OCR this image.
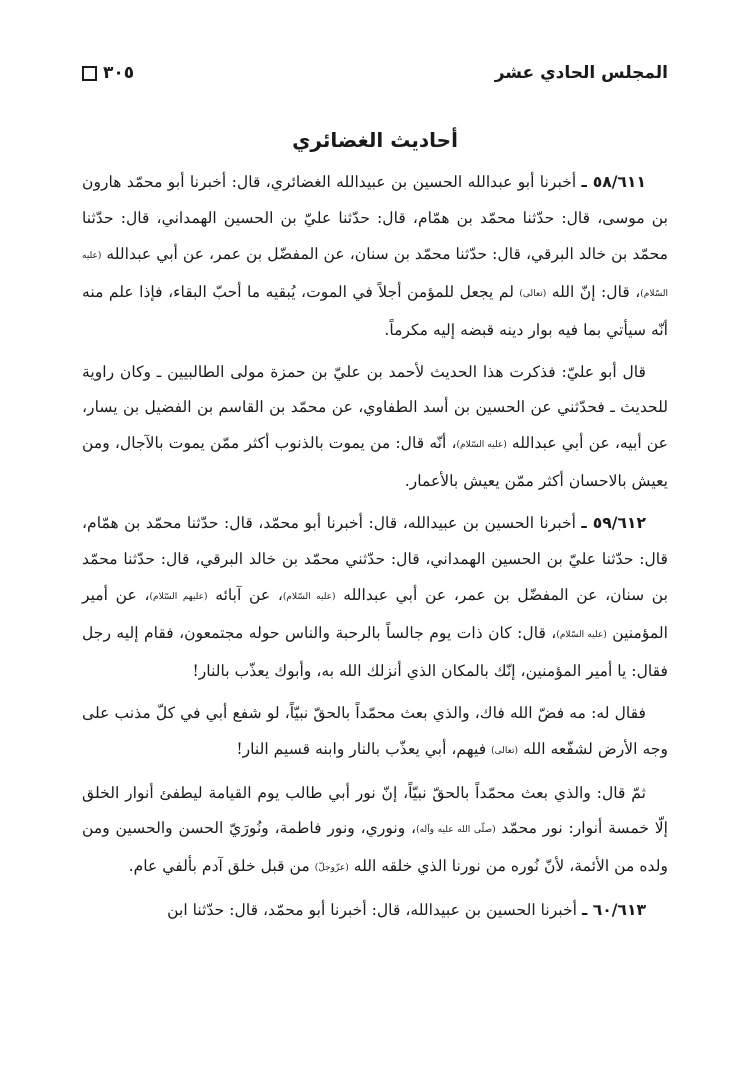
المجلس الحادي عشر
٣٠٥
أحاديث الغضائري

٥٨/٦١١ ـ أخبرنا أبو عبدالله الحسين بن عبيدالله الغضائري، قال: أخبرنا أبو محمّد هارون بن موسى، قال: حدّثنا محمّد بن همّام، قال: حدّثنا عليّ بن الحسين الهمداني، قال: حدّثنا محمّد بن خالد البرقي، قال: حدّثنا محمّد بن سنان، عن المفضّل بن عمر، عن أبي عبدالله (عليه السّلام)، قال: إنّ الله (تعالى) لم يجعل للمؤمن أجلاً في الموت، يُبقيه ما أحبّ البقاء، فإذا علم منه أنّه سيأتي بما فيه بوار دينه قبضه إليه مكرماً.

قال أبو عليّ: فذكرت هذا الحديث لأحمد بن عليّ بن حمزة مولى الطالبيين ـ وكان راوية للحديث ـ فحدّثني عن الحسين بن أسد الطفاوي، عن محمّد بن القاسم بن الفضيل بن يسار، عن أبيه، عن أبي عبدالله (عليه السّلام)، أنّه قال: من يموت بالذنوب أكثر ممّن يموت بالآجال، ومن يعيش بالاحسان أكثر ممّن يعيش بالأعمار.

٥٩/٦١٢ ـ أخبرنا الحسين بن عبيدالله، قال: أخبرنا أبو محمّد، قال: حدّثنا محمّد بن همّام، قال: حدّثنا عليّ بن الحسين الهمداني، قال: حدّثني محمّد بن خالد البرقي، قال: حدّثنا محمّد بن سنان، عن المفضّل بن عمر، عن أبي عبدالله (عليه السّلام)، عن آبائه (عليهم السّلام)، عن أمير المؤمنين (عليه السّلام)، قال: كان ذات يوم جالساً بالرحبة والناس حوله مجتمعون، فقام إليه رجل فقال: يا أمير المؤمنين، إنّك بالمكان الذي أنزلك الله به، وأبوك يعذّب بالنار!

فقال له: مه فضّ الله فاك، والذي بعث محمّداً بالحقّ نبيّاً، لو شفع أبي في كلّ مذنب على وجه الأرض لشفّعه الله (تعالى) فيهم، أبي يعذّب بالنار وابنه قسيم النار!

ثمّ قال: والذي بعث محمّداً بالحقّ نبيّاً، إنّ نور أبي طالب يوم القيامة ليطفئ أنوار الخلق إلّا خمسة أنوار: نور محمّد (صلّى الله عليه وآله)، ونوري، ونور فاطمة، ونُورَيّ الحسن والحسين ومن ولده من الأئمة، لأنّ نُوره من نورنا الذي خلقه الله (عزّوجلّ) من قبل خلق آدم بألفي عام.

٦٠/٦١٣ ـ أخبرنا الحسين بن عبيدالله، قال: أخبرنا أبو محمّد، قال: حدّثنا ابن
